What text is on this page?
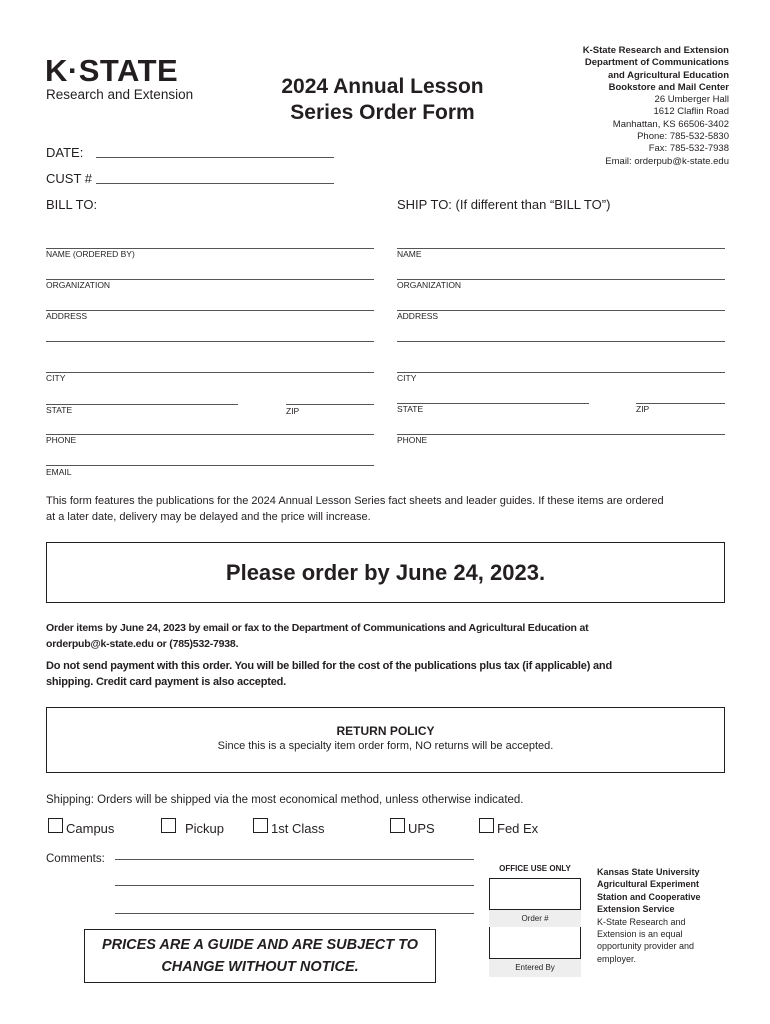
K·STATE
Research and Extension	2024 Annual Lesson
Series Order Form
K-State Research and Extension
Department of Communications
and Agricultural Education
Bookstore and Mail Center
26 Umberger Hall
1612 Claflin Road
Manhattan, KS 66506-3402
Phone: 785-532-5830
Fax: 785-532-7938
Email: orderpub@k-state.edu
DATE:
CUST #
BILL TO:	SHIP TO: (If different than “BILL TO”)
NAME (ORDERED BY)
ORGANIZATION
ADDRESS
CITY
STATE	ZIP
PHONE
EMAIL
NAME
ORGANIZATION
ADDRESS
CITY
STATE	ZIP
PHONE
This form features the publications for the 2024 Annual Lesson Series fact sheets and leader guides. If these items are ordered
at a later date, delivery may be delayed and the price will increase.
Please order by June 24, 2023.
Order items by June 24, 2023 by email or fax to the Department of Communications and Agricultural Education at
orderpub@k-state.edu or (785)532-7938.
Do not send payment with this order. You will be billed for the cost of the publications plus tax (if applicable) and
shipping. Credit card payment is also accepted.
RETURN POLICY
Since this is a specialty item order form, NO returns will be accepted.
Shipping: Orders will be shipped via the most economical method, unless otherwise indicated.
Campus	Pickup	1st Class	UPS	Fed Ex
Comments:
OFFICE USE ONLY
Order #
Entered By
Kansas State University
Agricultural Experiment
Station and Cooperative
Extension Service
K-State Research and
Extension is an equal
opportunity provider and
employer.
PRICES ARE A GUIDE AND ARE SUBJECT TO
CHANGE WITHOUT NOTICE.
